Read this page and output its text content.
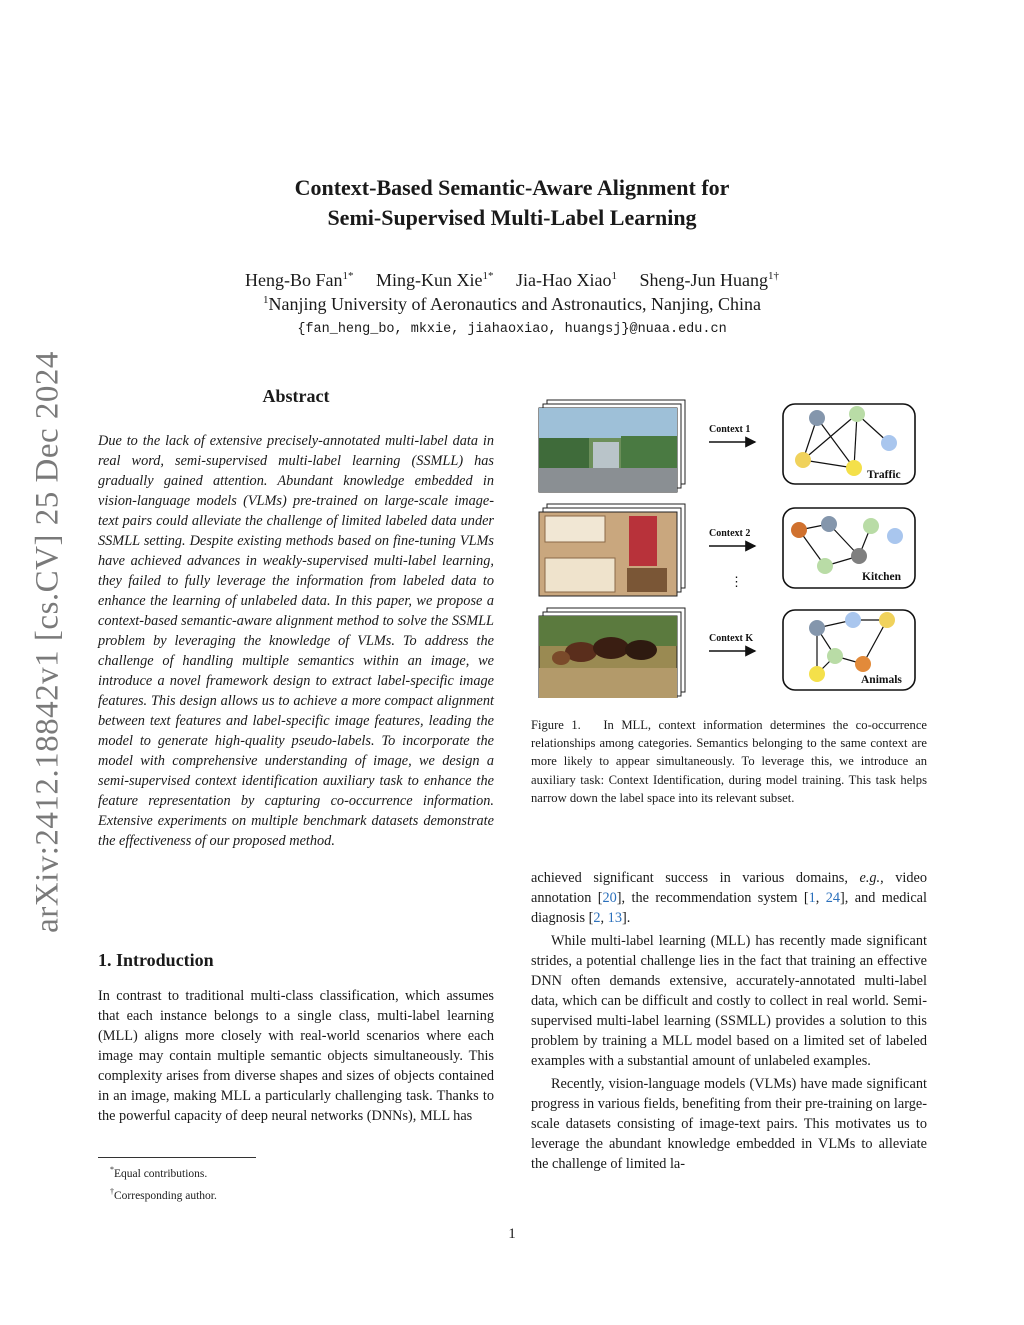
arXiv:2412.18842v1 [cs.CV] 25 Dec 2024
Context-Based Semantic-Aware Alignment for
Semi-Supervised Multi-Label Learning
Heng-Bo Fan$^{1*}$ Ming-Kun Xie$^{1*}$ Jia-Hao Xiao$^1$ Sheng-Jun Huang$^{1\dagger}$
$^1$Nanjing University of Aeronautics and Astronautics, Nanjing, China
{fan_heng_bo, mkxie, jiahaoxiao, huangsj}@nuaa.edu.cn
Abstract
Due to the lack of extensive precisely-annotated multi-label data in real word, semi-supervised multi-label learning (SSMLL) has gradually gained attention. Abundant knowledge embedded in vision-language models (VLMs) pre-trained on large-scale image-text pairs could alleviate the challenge of limited labeled data under SSMLL setting. Despite existing methods based on fine-tuning VLMs have achieved advances in weakly-supervised multi-label learning, they failed to fully leverage the information from labeled data to enhance the learning of unlabeled data. In this paper, we propose a context-based semantic-aware alignment method to solve the SSMLL problem by leveraging the knowledge of VLMs. To address the challenge of handling multiple semantics within an image, we introduce a novel framework design to extract label-specific image features. This design allows us to achieve a more compact alignment between text features and label-specific image features, leading the model to generate high-quality pseudo-labels. To incorporate the model with comprehensive understanding of image, we design a semi-supervised context identification auxiliary task to enhance the feature representation by capturing co-occurrence information. Extensive experiments on multiple benchmark datasets demonstrate the effectiveness of our proposed method.
1. Introduction
In contrast to traditional multi-class classification, which assumes that each instance belongs to a single class, multi-label learning (MLL) aligns more closely with real-world scenarios where each image may contain multiple semantic objects simultaneously. This complexity arises from diverse shapes and sizes of objects contained in an image, making MLL a particularly challenging task. Thanks to the powerful capacity of deep neural networks (DNNs), MLL has
*Equal contributions.
†Corresponding author.
Context 1
Context 2
⋮
Context K
Traffic
Kitchen
Animals
Figure 1. In MLL, context information determines the co-occurrence relationships among categories. Semantics belonging to the same context are more likely to appear simultaneously. To leverage this, we introduce an auxiliary task: Context Identification, during model training. This task helps narrow down the label space into its relevant subset.

achieved significant success in various domains, e.g., video annotation [20], the recommendation system [1, 24], and medical diagnosis [2, 13].

While multi-label learning (MLL) has recently made significant strides, a potential challenge lies in the fact that training an effective DNN often demands extensive, accurately-annotated multi-label data, which can be difficult and costly to collect in real world. Semi-supervised multi-label learning (SSMLL) provides a solution to this problem by training a MLL model based on a limited set of labeled examples with a substantial amount of unlabeled examples.

Recently, vision-language models (VLMs) have made significant progress in various fields, benefiting from their pre-training on large-scale datasets consisting of image-text pairs. This motivates us to leverage the abundant knowledge embedded in VLMs to alleviate the challenge of limited la-

1
